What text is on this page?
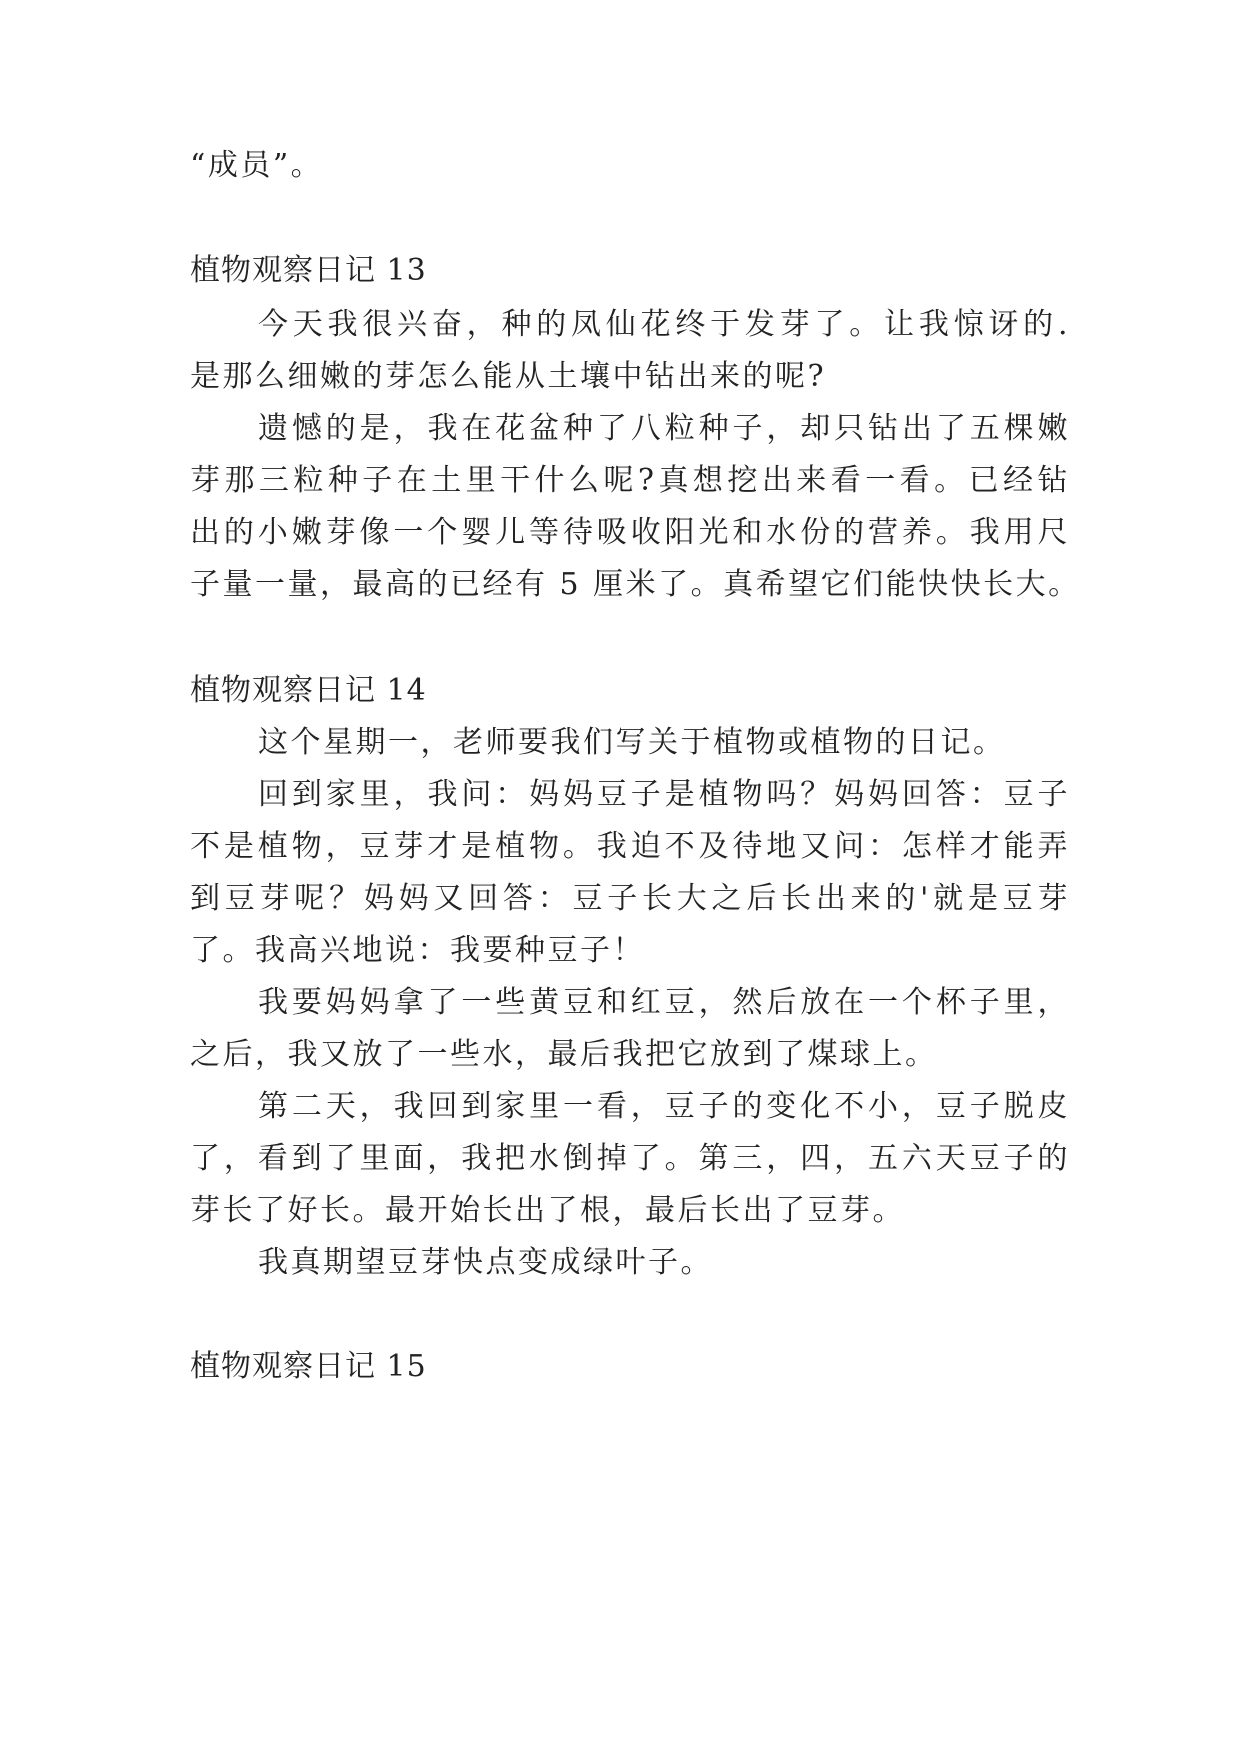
“成员”。
植物观察日记 13
今天我很兴奋，种的凤仙花终于发芽了。让我惊讶的.
是那么细嫩的芽怎么能从土壤中钻出来的呢?
遗憾的是，我在花盆种了八粒种子，却只钻出了五棵嫩
芽那三粒种子在土里干什么呢?真想挖出来看一看。已经钻
出的小嫩芽像一个婴儿等待吸收阳光和水份的营养。我用尺
子量一量，最高的已经有 5 厘米了。真希望它们能快快长大。
植物观察日记 14
这个星期一，老师要我们写关于植物或植物的日记。
回到家里，我问：妈妈豆子是植物吗？妈妈回答：豆子
不是植物，豆芽才是植物。我迫不及待地又问：怎样才能弄
到豆芽呢？妈妈又回答：豆子长大之后长出来的'就是豆芽
了。我高兴地说：我要种豆子！
我要妈妈拿了一些黄豆和红豆，然后放在一个杯子里，
之后，我又放了一些水，最后我把它放到了煤球上。
第二天，我回到家里一看，豆子的变化不小，豆子脱皮
了，看到了里面，我把水倒掉了。第三，四，五六天豆子的
芽长了好长。最开始长出了根，最后长出了豆芽。
我真期望豆芽快点变成绿叶子。
植物观察日记 15
